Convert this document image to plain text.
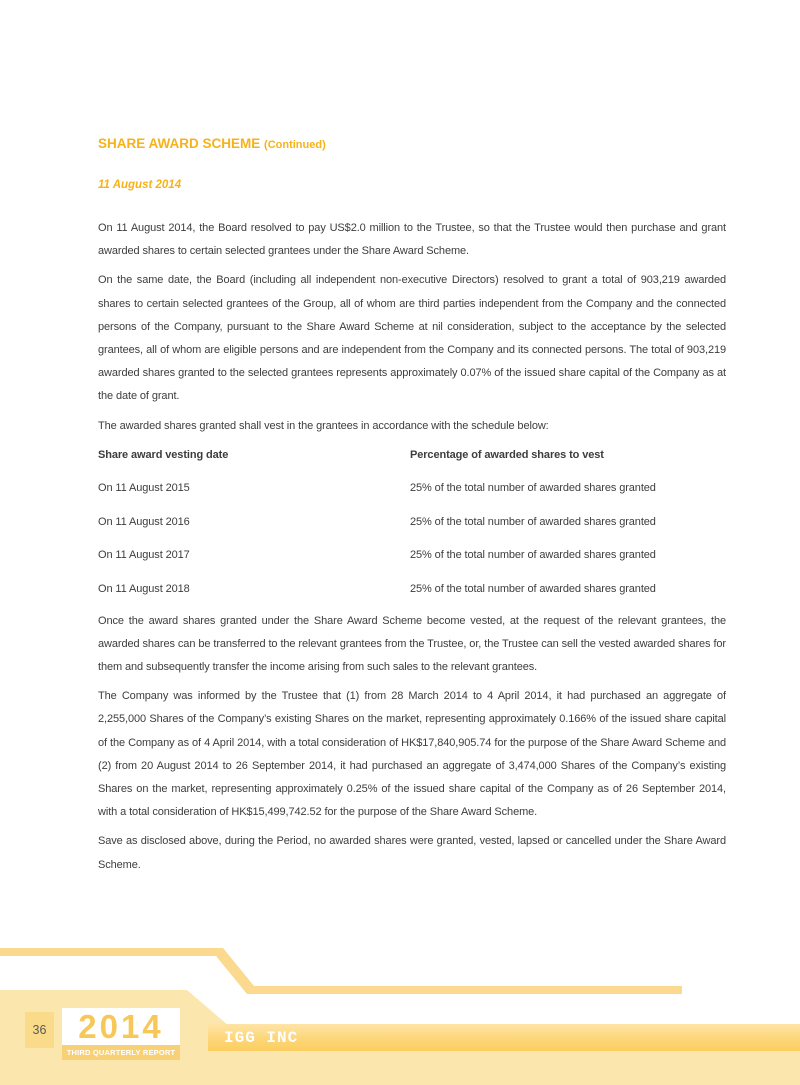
SHARE AWARD SCHEME (Continued)
11 August 2014

On 11 August 2014, the Board resolved to pay US$2.0 million to the Trustee, so that the Trustee would then purchase and grant awarded shares to certain selected grantees under the Share Award Scheme.

On the same date, the Board (including all independent non-executive Directors) resolved to grant a total of 903,219 awarded shares to certain selected grantees of the Group, all of whom are third parties independent from the Company and the connected persons of the Company, pursuant to the Share Award Scheme at nil consideration, subject to the acceptance by the selected grantees, all of whom are eligible persons and are independent from the Company and its connected persons. The total of 903,219 awarded shares granted to the selected grantees represents approximately 0.07% of the issued share capital of the Company as at the date of grant.

The awarded shares granted shall vest in the grantees in accordance with the schedule below:

Share award vesting date	Percentage of awarded shares to vest
On 11 August 2015	25% of the total number of awarded shares granted
On 11 August 2016	25% of the total number of awarded shares granted
On 11 August 2017	25% of the total number of awarded shares granted
On 11 August 2018	25% of the total number of awarded shares granted

Once the award shares granted under the Share Award Scheme become vested, at the request of the relevant grantees, the awarded shares can be transferred to the relevant grantees from the Trustee, or, the Trustee can sell the vested awarded shares for them and subsequently transfer the income arising from such sales to the relevant grantees.

The Company was informed by the Trustee that (1) from 28 March 2014 to 4 April 2014, it had purchased an aggregate of 2,255,000 Shares of the Company’s existing Shares on the market, representing approximately 0.166% of the issued share capital of the Company as of 4 April 2014, with a total consideration of HK$17,840,905.74 for the purpose of the Share Award Scheme and (2) from 20 August 2014 to 26 September 2014, it had purchased an aggregate of 3,474,000 Shares of the Company’s existing Shares on the market, representing approximately 0.25% of the issued share capital of the Company as of 26 September 2014, with a total consideration of HK$15,499,742.52 for the purpose of the Share Award Scheme.

Save as disclosed above, during the Period, no awarded shares were granted, vested, lapsed or cancelled under the Share Award Scheme.

IGG INC
36 2014
THIRD QUARTERLY REPORT
